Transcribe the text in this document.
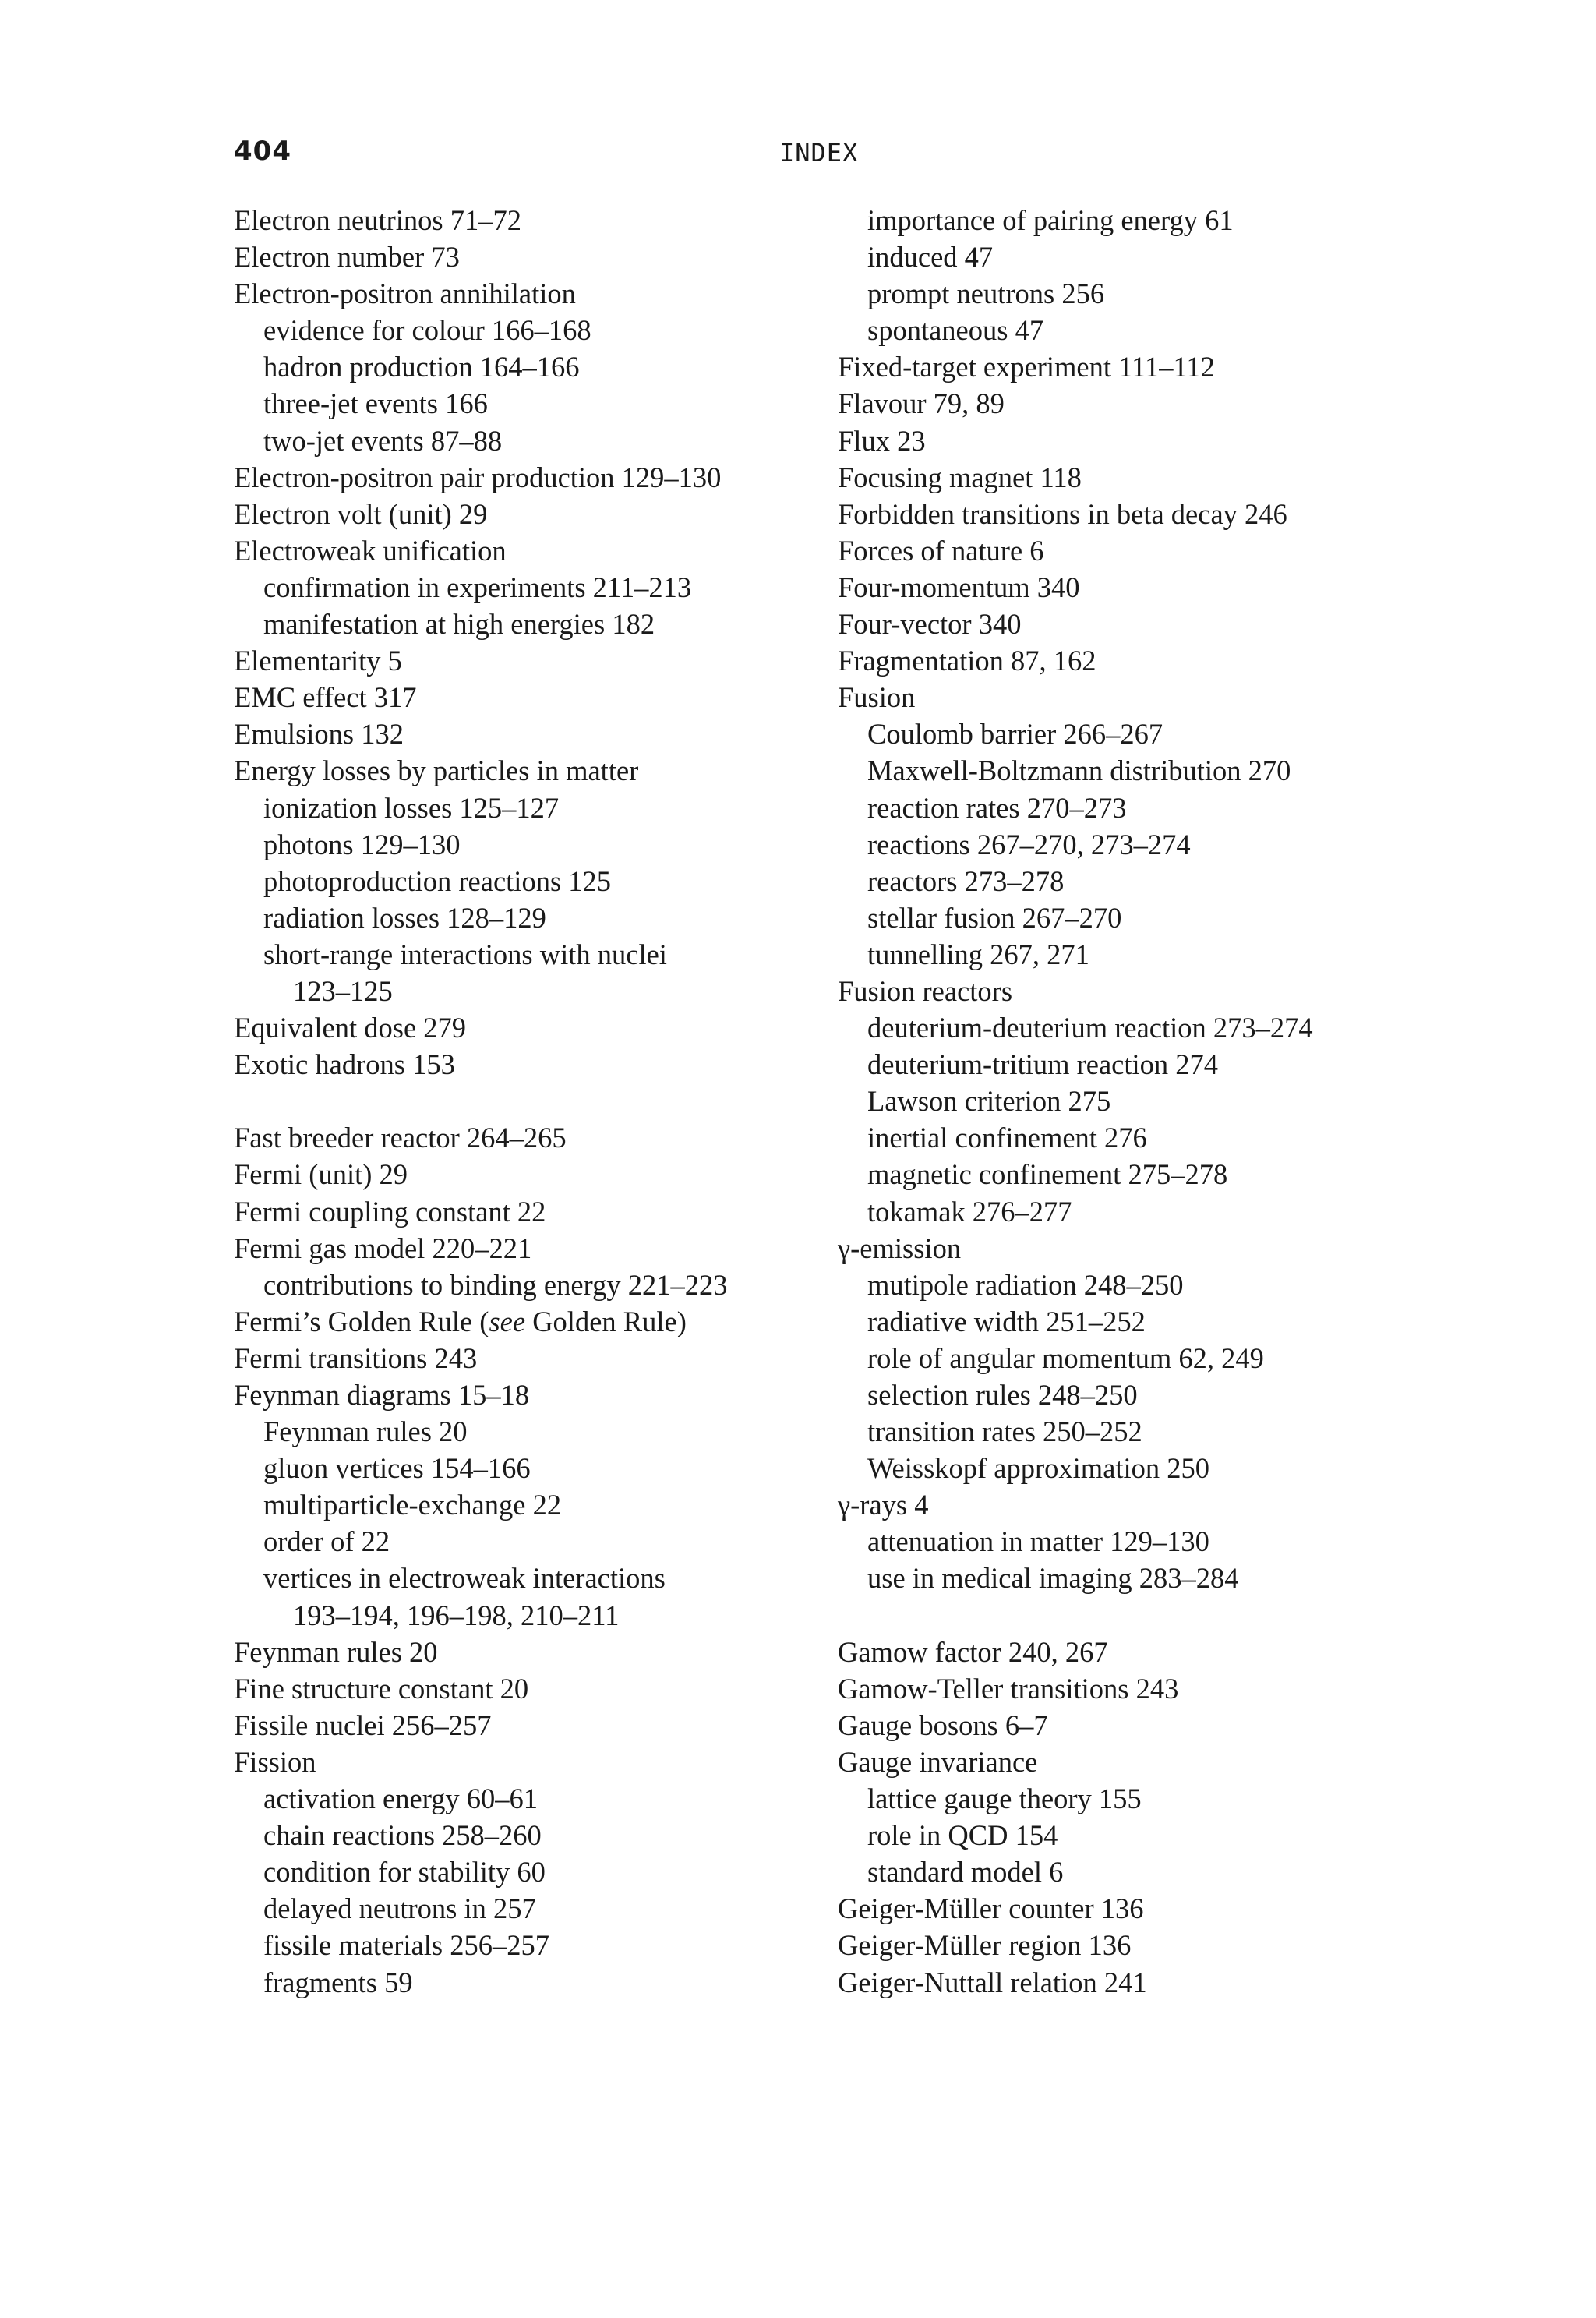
404	INDEX
Electron neutrinos 71–72
Electron number 73
Electron-positron annihilation
evidence for colour 166–168
hadron production 164–166
three-jet events 166
two-jet events 87–88
Electron-positron pair production 129–130
Electron volt (unit) 29
Electroweak unification
confirmation in experiments 211–213
manifestation at high energies 182
Elementarity 5
EMC effect 317
Emulsions 132
Energy losses by particles in matter
ionization losses 125–127
photons 129–130
photoproduction reactions 125
radiation losses 128–129
short-range interactions with nuclei
123–125
Equivalent dose 279
Exotic hadrons 153
Fast breeder reactor 264–265
Fermi (unit) 29
Fermi coupling constant 22
Fermi gas model 220–221
contributions to binding energy 221–223
Fermi’s Golden Rule (see Golden Rule)
Fermi transitions 243
Feynman diagrams 15–18
Feynman rules 20
gluon vertices 154–166
multiparticle-exchange 22
order of 22
vertices in electroweak interactions
193–194, 196–198, 210–211
Feynman rules 20
Fine structure constant 20
Fissile nuclei 256–257
Fission
activation energy 60–61
chain reactions 258–260
condition for stability 60
delayed neutrons in 257
fissile materials 256–257
fragments 59
importance of pairing energy 61
induced 47
prompt neutrons 256
spontaneous 47
Fixed-target experiment 111–112
Flavour 79, 89
Flux 23
Focusing magnet 118
Forbidden transitions in beta decay 246
Forces of nature 6
Four-momentum 340
Four-vector 340
Fragmentation 87, 162
Fusion
Coulomb barrier 266–267
Maxwell-Boltzmann distribution 270
reaction rates 270–273
reactions 267–270, 273–274
reactors 273–278
stellar fusion 267–270
tunnelling 267, 271
Fusion reactors
deuterium-deuterium reaction 273–274
deuterium-tritium reaction 274
Lawson criterion 275
inertial confinement 276
magnetic confinement 275–278
tokamak 276–277
γ-emission
mutipole radiation 248–250
radiative width 251–252
role of angular momentum 62, 249
selection rules 248–250
transition rates 250–252
Weisskopf approximation 250
γ-rays 4
attenuation in matter 129–130
use in medical imaging 283–284
Gamow factor 240, 267
Gamow-Teller transitions 243
Gauge bosons 6–7
Gauge invariance
lattice gauge theory 155
role in QCD 154
standard model 6
Geiger-Müller counter 136
Geiger-Müller region 136
Geiger-Nuttall relation 241
